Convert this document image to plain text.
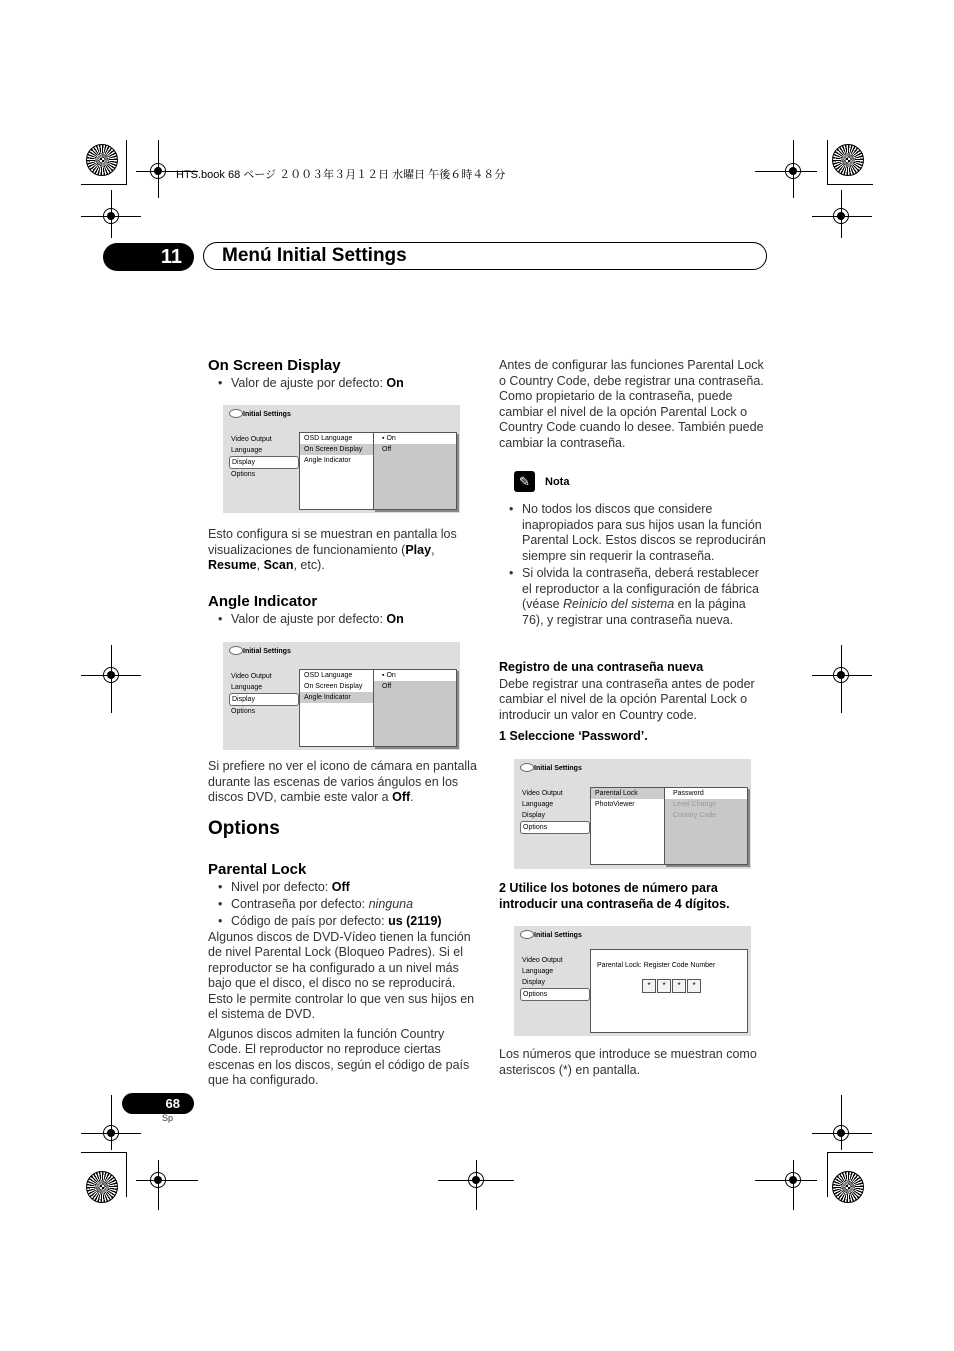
HTS.book 68 ページ ２００３年３月１２日 水曜日 午後６時４８分
11	Menú Initial Settings
On Screen Display
• Valor de ajuste por defecto: On
Initial Settings
Video Output
Language
Display
Options
OSD Language
On Screen Display
Angle Indicator
▪ On
Off

Esto configura si se muestran en pantalla los visualizaciones de funcionamiento (Play, Resume, Scan, etc).

Angle Indicator
• Valor de ajuste por defecto: On
Initial Settings
Video Output
Language
Display
Options
OSD Language
On Screen Display
Angle Indicator
▪ On
Off

Si prefiere no ver el icono de cámara en pantalla durante las escenas de varios ángulos en los discos DVD, cambie este valor a Off.

Options
Parental Lock
• Nivel por defecto: Off
• Contraseña por defecto: ninguna
• Código de país por defecto: us (2119)

Algunos discos de DVD-Vídeo tienen la función de nivel Parental Lock (Bloqueo Padres). Si el reproductor se ha configurado a un nivel más bajo que el disco, el disco no se reproducirá. Esto le permite controlar lo que ven sus hijos en el sistema de DVD.

Algunos discos admiten la función Country Code. El reproductor no reproduce ciertas escenas en los discos, según el código de país que ha configurado.

Antes de configurar las funciones Parental Lock o Country Code, debe registrar una contraseña. Como propietario de la contraseña, puede cambiar el nivel de la opción Parental Lock o Country Code cuando lo desee. También puede cambiar la contraseña.

✎	Nota
• No todos los discos que considere inapropiados para sus hijos usan la función Parental Lock. Estos discos se reproducirán siempre sin requerir la contraseña.
• Si olvida la contraseña, deberá restablecer el reproductor a la configuración de fábrica (véase Reinicio del sistema en la página 76), y registrar una contraseña nueva.
Registro de una contraseña nueva

Debe registrar una contraseña antes de poder cambiar el nivel de la opción Parental Lock o introducir un valor en Country code.

1 Seleccione ‘Password’.
Initial Settings
Video Output
Language
Display
Options
Parental Lock
PhotoViewer
Password
Level Change
Country Code
2 Utilice los botones de número para introducir una contraseña de 4 dígitos.
Initial Settings
Video Output
Language
Display
Options
Parental Lock: Register Code Number
* * * *

Los números que introduce se muestran como asteriscos (*) en pantalla.

68
Sp
